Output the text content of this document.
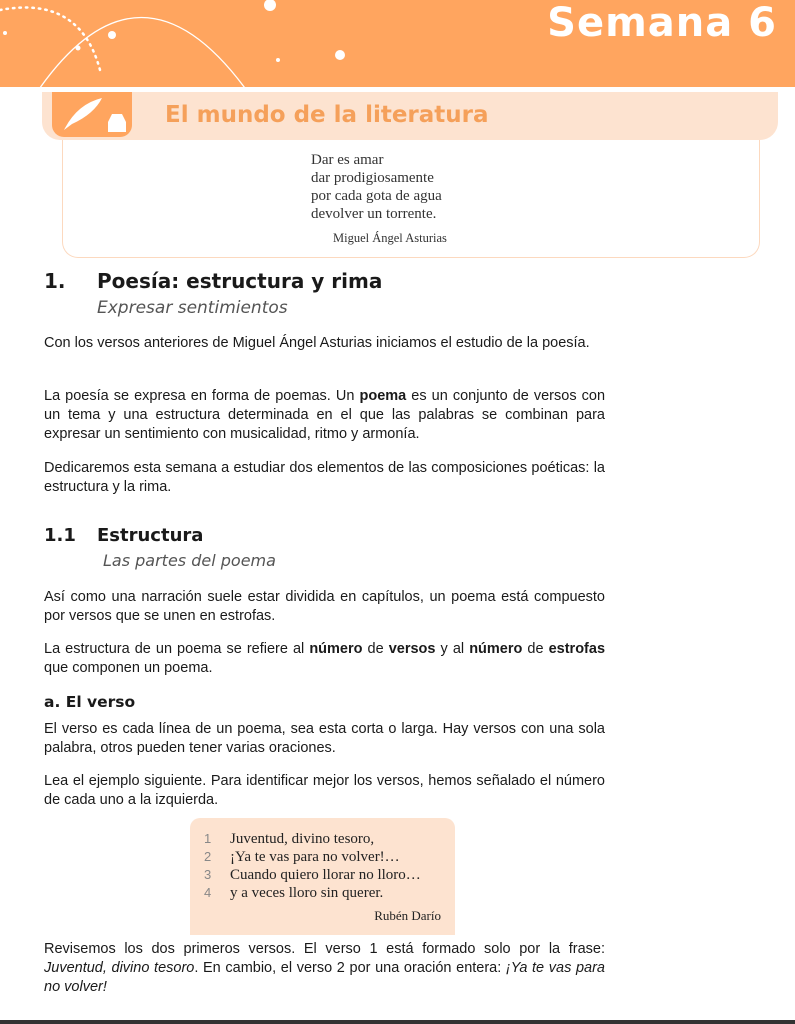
Semana 6
El mundo de la literatura
Dar es amar
dar prodigiosamente
por cada gota de agua
devolver un torrente.
Miguel Ángel Asturias
1. Poesía: estructura y rima
Expresar sentimientos
Con los versos anteriores de Miguel Ángel Asturias iniciamos el estudio de la poesía.
La poesía se expresa en forma de poemas. Un poema es un conjunto de versos con un tema y una estructura determinada en el que las palabras se combinan para expresar un sentimiento con musicalidad, ritmo y armonía.
Dedicaremos esta semana a estudiar dos elementos de las composiciones poéticas: la estructura y la rima.
1.1 Estructura
Las partes del poema
Así como una narración suele estar dividida en capítulos, un poema está compuesto por versos que se unen en estrofas.
La estructura de un poema se refiere al número de versos y al número de estrofas que componen un poema.
a. El verso
El verso es cada línea de un poema, sea esta corta o larga. Hay versos con una sola palabra, otros pueden tener varias oraciones.
Lea el ejemplo siguiente. Para identificar mejor los versos, hemos señalado el número de cada uno a la izquierda.
1 Juventud, divino tesoro,
2 ¡Ya te vas para no volver!…
3 Cuando quiero llorar no lloro…
4 y a veces lloro sin querer.
Rubén Darío
Revisemos los dos primeros versos. El verso 1 está formado solo por la frase: Juventud, divino tesoro. En cambio, el verso 2 por una oración entera: ¡Ya te vas para no volver!
